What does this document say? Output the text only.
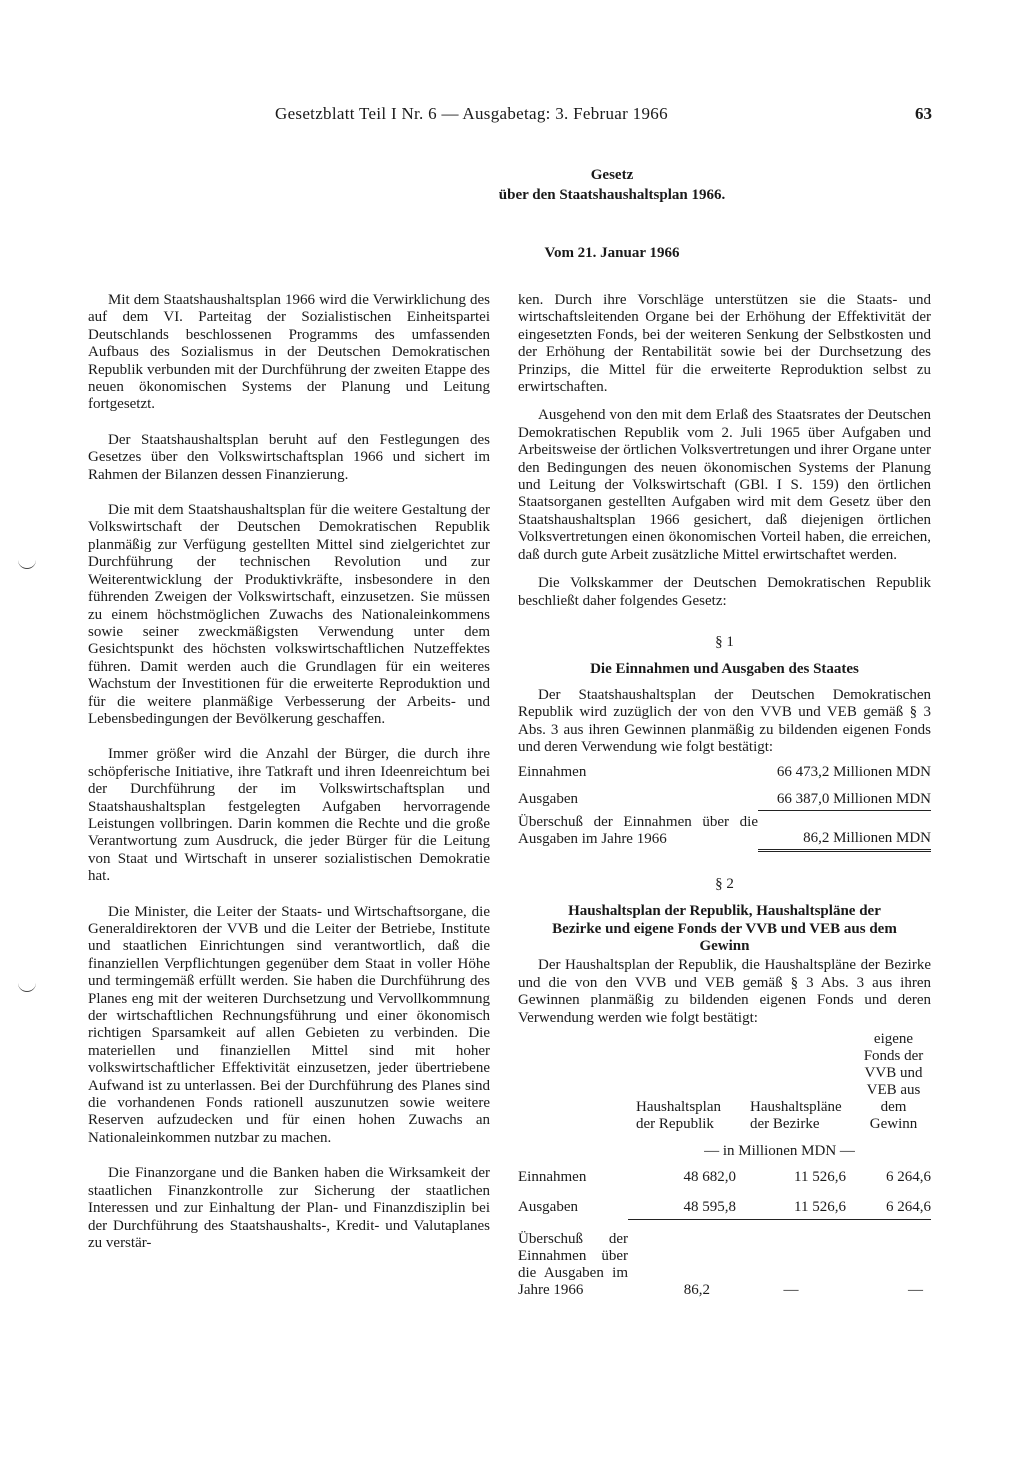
Gesetzblatt Teil I Nr. 6 — Ausgabetag: 3. Februar 1966	63
Gesetz
über den Staatshaushaltsplan 1966.
Vom 21. Januar 1966

Mit dem Staatshaushaltsplan 1966 wird die Verwirklichung des auf dem VI. Parteitag der Sozialistischen Einheitspartei Deutschlands beschlossenen Programms des umfassenden Aufbaus des Sozialismus in der Deutschen Demokratischen Republik verbunden mit der Durchführung der zweiten Etappe des neuen ökonomischen Systems der Planung und Leitung fortgesetzt.

Der Staatshaushaltsplan beruht auf den Festlegungen des Gesetzes über den Volkswirtschaftsplan 1966 und sichert im Rahmen der Bilanzen dessen Finanzierung.

Die mit dem Staatshaushaltsplan für die weitere Gestaltung der Volkswirtschaft der Deutschen Demokratischen Republik planmäßig zur Verfügung gestellten Mittel sind zielgerichtet zur Durchführung der technischen Revolution und zur Weiterentwicklung der Produktivkräfte, insbesondere in den führenden Zweigen der Volkswirtschaft, einzusetzen. Sie müssen zu einem höchstmöglichen Zuwachs des Nationaleinkommens sowie seiner zweckmäßigsten Verwendung unter dem Gesichtspunkt des höchsten volkswirtschaftlichen Nutzeffektes führen. Damit werden auch die Grundlagen für ein weiteres Wachstum der Investitionen für die erweiterte Reproduktion und für die weitere planmäßige Verbesserung der Arbeits- und Lebensbedingungen der Bevölkerung geschaffen.

Immer größer wird die Anzahl der Bürger, die durch ihre schöpferische Initiative, ihre Tatkraft und ihren Ideenreichtum bei der Durchführung der im Volkswirtschaftsplan und Staatshaushaltsplan festgelegten Aufgaben hervorragende Leistungen vollbringen. Darin kommen die Rechte und die große Verantwortung zum Ausdruck, die jeder Bürger für die Leitung von Staat und Wirtschaft in unserer sozialistischen Demokratie hat.

Die Minister, die Leiter der Staats- und Wirtschaftsorgane, die Generaldirektoren der VVB und die Leiter der Betriebe, Institute und staatlichen Einrichtungen sind verantwortlich, daß die finanziellen Verpflichtungen gegenüber dem Staat in voller Höhe und termingemäß erfüllt werden. Sie haben die Durchführung des Planes eng mit der weiteren Durchsetzung und Vervollkommnung der wirtschaftlichen Rechnungsführung und einer ökonomisch richtigen Sparsamkeit auf allen Gebieten zu verbinden. Die materiellen und finanziellen Mittel sind mit hoher volkswirtschaftlicher Effektivität einzusetzen, jeder übertriebene Aufwand ist zu unterlassen. Bei der Durchführung des Planes sind die vorhandenen Fonds rationell auszunutzen sowie weitere Reserven aufzudecken und für einen hohen Zuwachs an Nationaleinkommen nutzbar zu machen.

Die Finanzorgane und die Banken haben die Wirksamkeit der staatlichen Finanzkontrolle zur Sicherung der staatlichen Interessen und zur Einhaltung der Plan- und Finanzdisziplin bei der Durchführung des Staatshaushalts-, Kredit- und Valutaplanes zu verstär-

ken. Durch ihre Vorschläge unterstützen sie die Staats- und wirtschaftsleitenden Organe bei der Erhöhung der Effektivität der eingesetzten Fonds, bei der weiteren Senkung der Selbstkosten und der Erhöhung der Rentabilität sowie bei der Durchsetzung des Prinzips, die Mittel für die erweiterte Reproduktion selbst zu erwirtschaften.

Ausgehend von den mit dem Erlaß des Staatsrates der Deutschen Demokratischen Republik vom 2. Juli 1965 über Aufgaben und Arbeitsweise der örtlichen Volksvertretungen und ihrer Organe unter den Bedingungen des neuen ökonomischen Systems der Planung und Leitung der Volkswirtschaft (GBl. I S. 159) den örtlichen Staatsorganen gestellten Aufgaben wird mit dem Gesetz über den Staatshaushaltsplan 1966 gesichert, daß diejenigen örtlichen Volksvertretungen einen ökonomischen Vorteil haben, die erreichen, daß durch gute Arbeit zusätzliche Mittel erwirtschaftet werden.

Die Volkskammer der Deutschen Demokratischen Republik beschließt daher folgendes Gesetz:

§ 1

Die Einnahmen und Ausgaben des Staates

Der Staatshaushaltsplan der Deutschen Demokratischen Republik wird zuzüglich der von den VVB und VEB gemäß § 3 Abs. 3 aus ihren Gewinnen planmäßig zu bildenden eigenen Fonds und deren Verwendung wie folgt bestätigt:

Einnahmen	66 473,2 Millionen MDN
Ausgaben	66 387,0 Millionen MDN
Überschuß der Einnahmen über die Ausgaben im Jahre 1966	86,2 Millionen MDN

§ 2

Haushaltsplan der Republik, Haushaltspläne der Bezirke und eigene Fonds der VVB und VEB aus dem Gewinn

Der Haushaltsplan der Republik, die Haushaltspläne der Bezirke und die von den VVB und VEB gemäß § 3 Abs. 3 aus ihren Gewinnen planmäßig zu bildenden eigenen Fonds und deren Verwendung werden wie folgt bestätigt:

	Haushaltsplan der Republik	Haushaltspläne der Bezirke	eigene Fonds der VVB und VEB aus dem Gewinn
	— in Millionen MDN —		
Einnahmen	48 682,0	11 526,6	6 264,6
Ausgaben	48 595,8	11 526,6	6 264,6
Überschuß der Einnahmen über die Ausgaben im Jahre 1966	86,2	—	—
